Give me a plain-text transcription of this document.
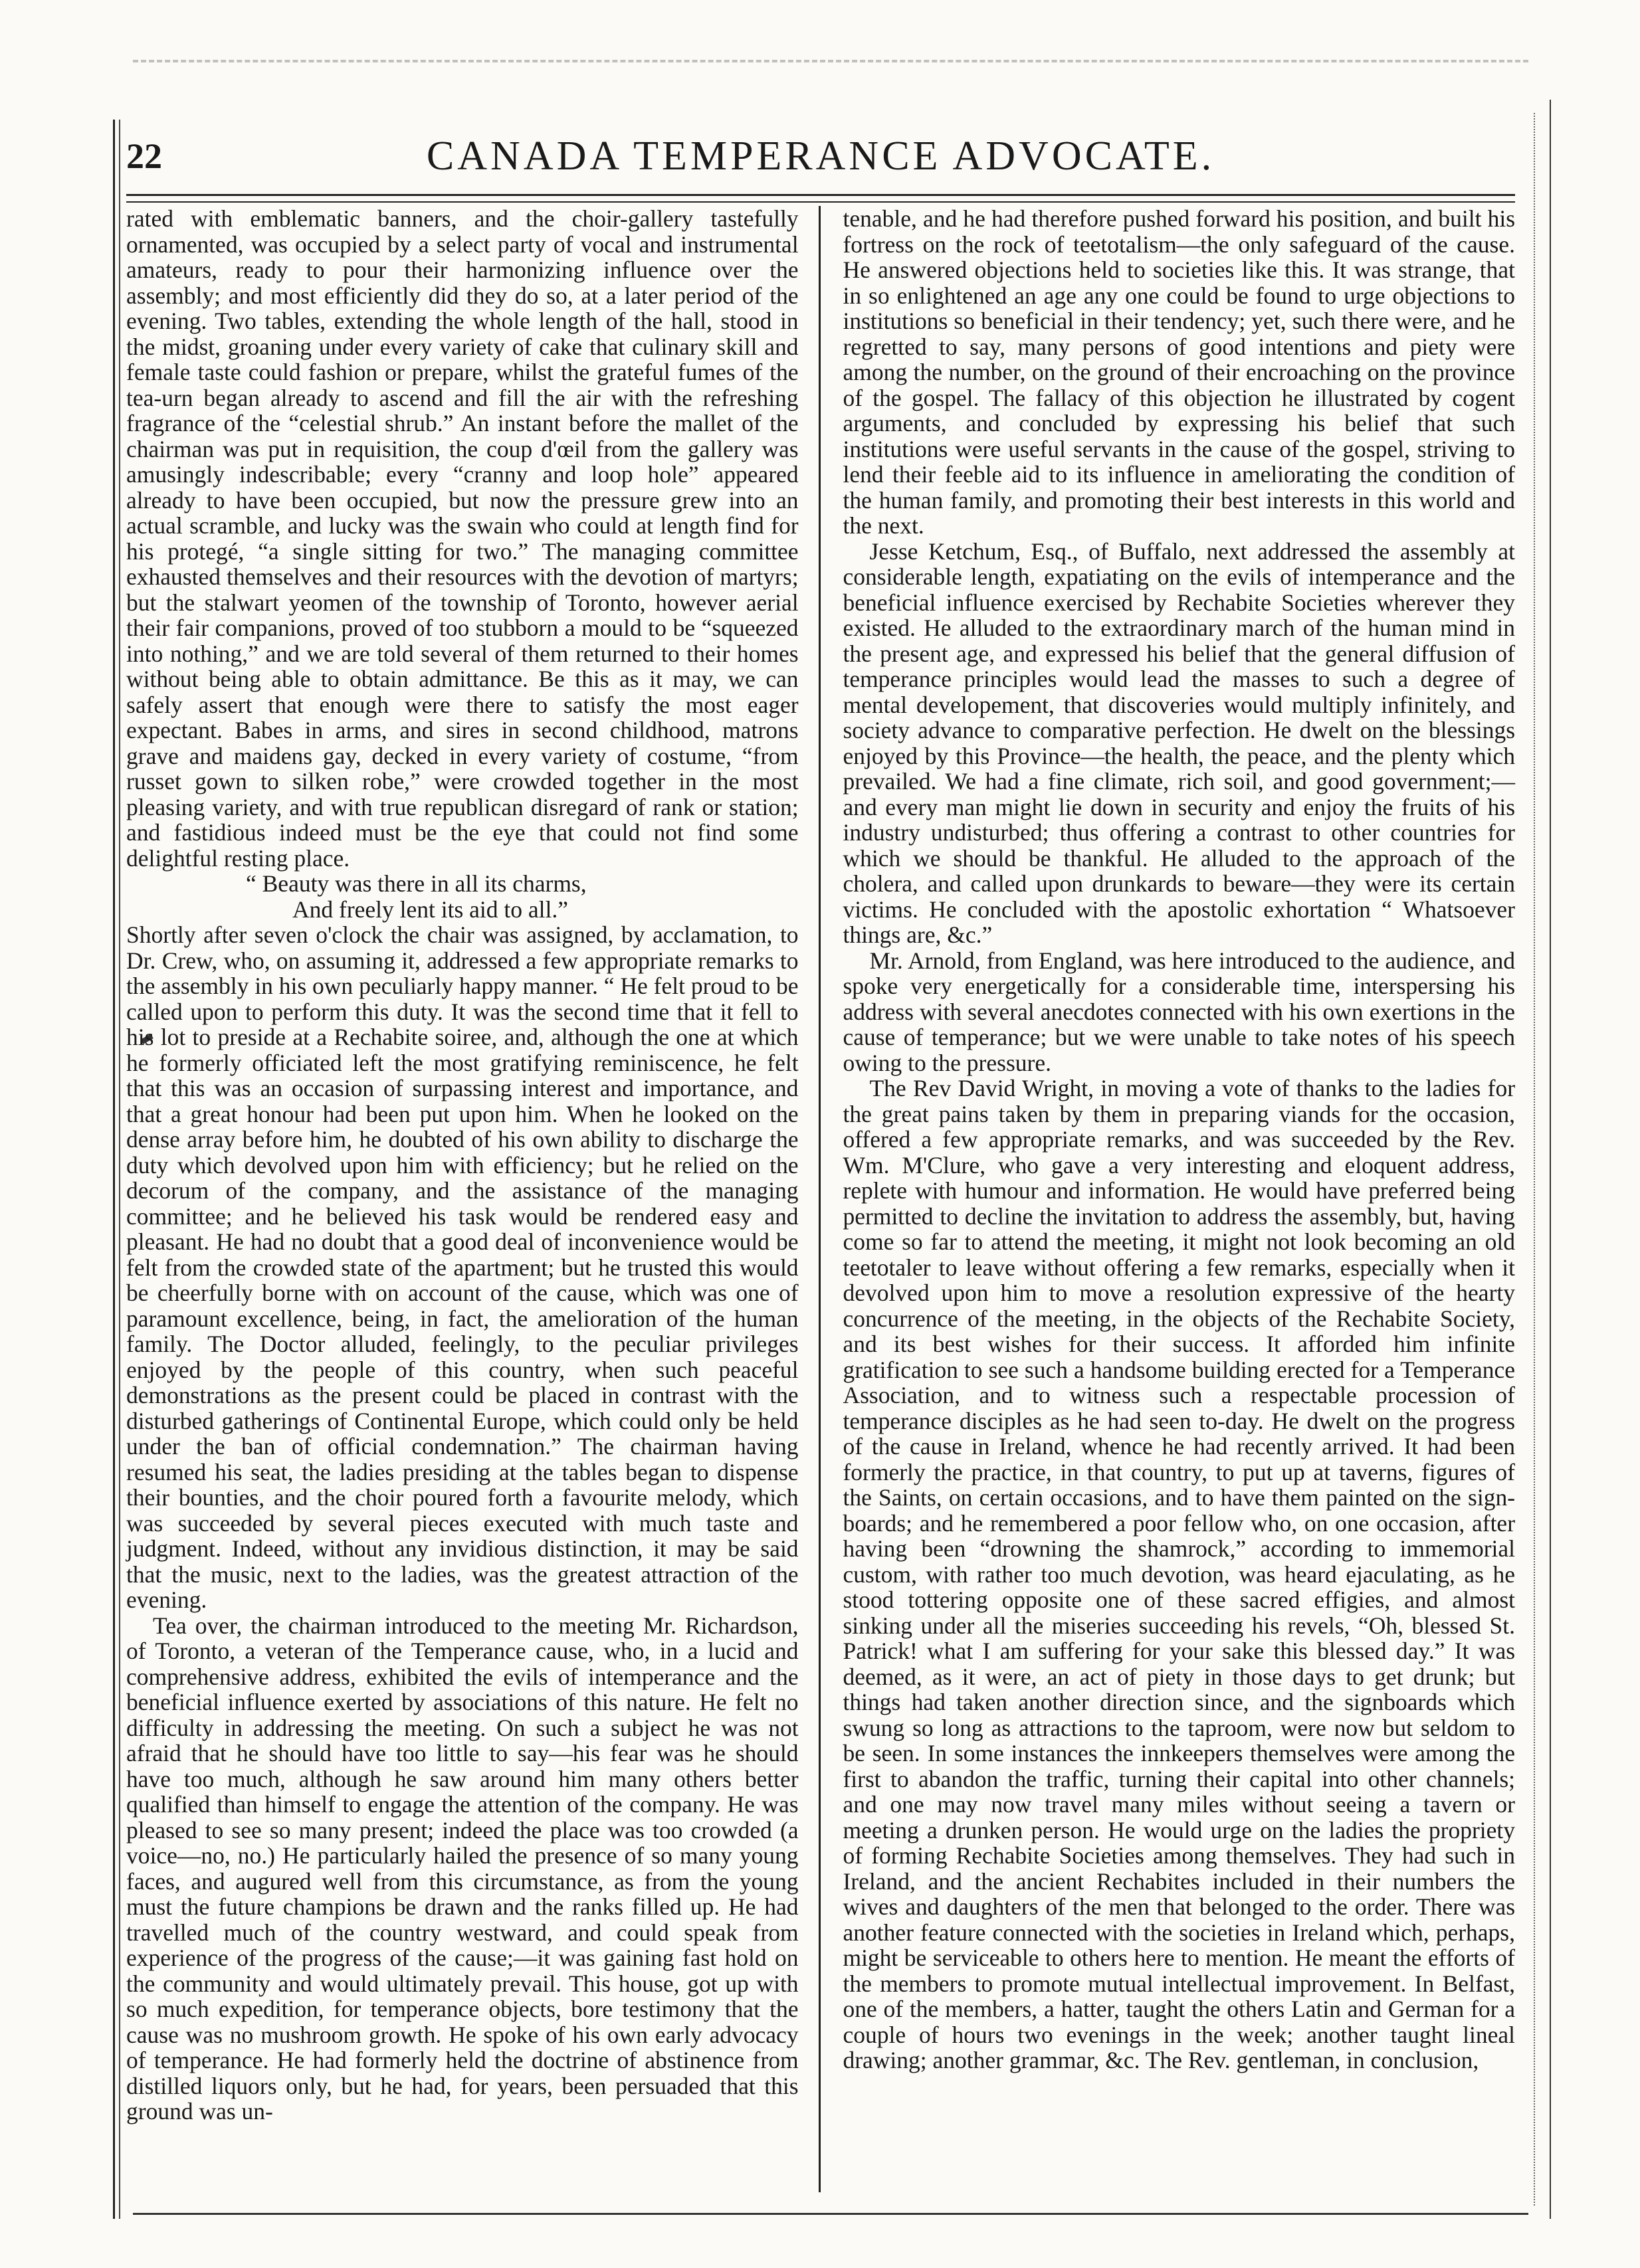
22	CANADA TEMPERANCE ADVOCATE.

rated with emblematic banners, and the choir-gallery tastefully ornamented, was occupied by a select party of vocal and instrumental amateurs, ready to pour their harmonizing influence over the assembly; and most efficiently did they do so, at a later period of the evening. Two tables, extending the whole length of the hall, stood in the midst, groaning under every variety of cake that culinary skill and female taste could fashion or prepare, whilst the grateful fumes of the tea-urn began already to ascend and fill the air with the refreshing fragrance of the “celestial shrub.” An instant before the mallet of the chairman was put in requisition, the coup d'œil from the gallery was amusingly indescribable; every “cranny and loop hole” appeared already to have been occupied, but now the pressure grew into an actual scramble, and lucky was the swain who could at length find for his protegé, “a single sitting for two.” The managing committee exhausted themselves and their resources with the devotion of martyrs; but the stalwart yeomen of the township of Toronto, however aerial their fair companions, proved of too stubborn a mould to be “squeezed into nothing,” and we are told several of them returned to their homes without being able to obtain admittance. Be this as it may, we can safely assert that enough were there to satisfy the most eager expectant. Babes in arms, and sires in second childhood, matrons grave and maidens gay, decked in every variety of costume, “from russet gown to silken robe,” were crowded together in the most pleasing variety, and with true republican disregard of rank or station; and fastidious indeed must be the eye that could not find some delightful resting place.

“ Beauty was there in all its charms,

And freely lent its aid to all.”

Shortly after seven o'clock the chair was assigned, by acclamation, to Dr. Crew, who, on assuming it, addressed a few appropriate remarks to the assembly in his own peculiarly happy manner. “ He felt proud to be called upon to perform this duty. It was the second time that it fell to his lot to preside at a Rechabite soiree, and, although the one at which he formerly officiated left the most gratifying reminiscence, he felt that this was an occasion of surpassing interest and importance, and that a great honour had been put upon him. When he looked on the dense array before him, he doubted of his own ability to discharge the duty which devolved upon him with efficiency; but he relied on the decorum of the company, and the assistance of the managing committee; and he believed his task would be rendered easy and pleasant. He had no doubt that a good deal of inconvenience would be felt from the crowded state of the apartment; but he trusted this would be cheerfully borne with on account of the cause, which was one of paramount excellence, being, in fact, the amelioration of the human family. The Doctor alluded, feelingly, to the peculiar privileges enjoyed by the people of this country, when such peaceful demonstrations as the present could be placed in contrast with the disturbed gatherings of Continental Europe, which could only be held under the ban of official condemnation.” The chairman having resumed his seat, the ladies presiding at the tables began to dispense their bounties, and the choir poured forth a favourite melody, which was succeeded by several pieces executed with much taste and judgment. Indeed, without any invidious distinction, it may be said that the music, next to the ladies, was the greatest attraction of the evening.

Tea over, the chairman introduced to the meeting Mr. Richardson, of Toronto, a veteran of the Temperance cause, who, in a lucid and comprehensive address, exhibited the evils of intemperance and the beneficial influence exerted by associations of this nature. He felt no difficulty in addressing the meeting. On such a subject he was not afraid that he should have too little to say—his fear was he should have too much, although he saw around him many others better qualified than himself to engage the attention of the company. He was pleased to see so many present; indeed the place was too crowded (a voice—no, no.) He particularly hailed the presence of so many young faces, and augured well from this circumstance, as from the young must the future champions be drawn and the ranks filled up. He had travelled much of the country westward, and could speak from experience of the progress of the cause;—it was gaining fast hold on the community and would ultimately prevail. This house, got up with so much expedition, for temperance objects, bore testimony that the cause was no mushroom growth. He spoke of his own early advocacy of temperance. He had formerly held the doctrine of abstinence from distilled liquors only, but he had, for years, been persuaded that this ground was un-

tenable, and he had therefore pushed forward his position, and built his fortress on the rock of teetotalism—the only safeguard of the cause. He answered objections held to societies like this. It was strange, that in so enlightened an age any one could be found to urge objections to institutions so beneficial in their tendency; yet, such there were, and he regretted to say, many persons of good intentions and piety were among the number, on the ground of their encroaching on the province of the gospel. The fallacy of this objection he illustrated by cogent arguments, and concluded by expressing his belief that such institutions were useful servants in the cause of the gospel, striving to lend their feeble aid to its influence in ameliorating the condition of the human family, and promoting their best interests in this world and the next.

Jesse Ketchum, Esq., of Buffalo, next addressed the assembly at considerable length, expatiating on the evils of intemperance and the beneficial influence exercised by Rechabite Societies wherever they existed. He alluded to the extraordinary march of the human mind in the present age, and expressed his belief that the general diffusion of temperance principles would lead the masses to such a degree of mental developement, that discoveries would multiply infinitely, and society advance to comparative perfection. He dwelt on the blessings enjoyed by this Province—the health, the peace, and the plenty which prevailed. We had a fine climate, rich soil, and good government;—and every man might lie down in security and enjoy the fruits of his industry undisturbed; thus offering a contrast to other countries for which we should be thankful. He alluded to the approach of the cholera, and called upon drunkards to beware—they were its certain victims. He concluded with the apostolic exhortation “ Whatsoever things are, &c.”

Mr. Arnold, from England, was here introduced to the audience, and spoke very energetically for a considerable time, interspersing his address with several anecdotes connected with his own exertions in the cause of temperance; but we were unable to take notes of his speech owing to the pressure.

The Rev David Wright, in moving a vote of thanks to the ladies for the great pains taken by them in preparing viands for the occasion, offered a few appropriate remarks, and was succeeded by the Rev. Wm. M'Clure, who gave a very interesting and eloquent address, replete with humour and information. He would have preferred being permitted to decline the invitation to address the assembly, but, having come so far to attend the meeting, it might not look becoming an old teetotaler to leave without offering a few remarks, especially when it devolved upon him to move a resolution expressive of the hearty concurrence of the meeting, in the objects of the Rechabite Society, and its best wishes for their success. It afforded him infinite gratification to see such a handsome building erected for a Temperance Association, and to witness such a respectable procession of temperance disciples as he had seen to-day. He dwelt on the progress of the cause in Ireland, whence he had recently arrived. It had been formerly the practice, in that country, to put up at taverns, figures of the Saints, on certain occasions, and to have them painted on the sign-boards; and he remembered a poor fellow who, on one occasion, after having been “drowning the shamrock,” according to immemorial custom, with rather too much devotion, was heard ejaculating, as he stood tottering opposite one of these sacred effigies, and almost sinking under all the miseries succeeding his revels, “Oh, blessed St. Patrick! what I am suffering for your sake this blessed day.” It was deemed, as it were, an act of piety in those days to get drunk; but things had taken another direction since, and the signboards which swung so long as attractions to the taproom, were now but seldom to be seen. In some instances the innkeepers themselves were among the first to abandon the traffic, turning their capital into other channels; and one may now travel many miles without seeing a tavern or meeting a drunken person. He would urge on the ladies the propriety of forming Rechabite Societies among themselves. They had such in Ireland, and the ancient Rechabites included in their numbers the wives and daughters of the men that belonged to the order. There was another feature connected with the societies in Ireland which, perhaps, might be serviceable to others here to mention. He meant the efforts of the members to promote mutual intellectual improvement. In Belfast, one of the members, a hatter, taught the others Latin and German for a couple of hours two evenings in the week; another taught lineal drawing; another grammar, &c. The Rev. gentleman, in conclusion,
